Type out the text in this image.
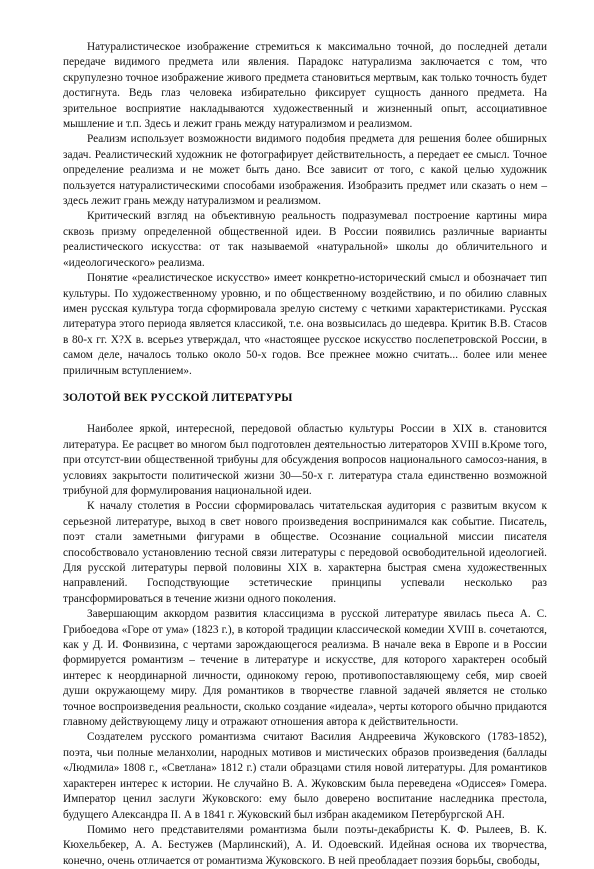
Натуралистическое изображение стремиться к максимально точной, до последней детали передаче видимого предмета или явления. Парадокс натурализма заключается с том, что скрупулезно точное изображение живого предмета становиться мертвым, как только точность будет достигнута. Ведь глаз человека избирательно фиксирует сущность данного предмета. На зрительное восприятие накладываются художественный и жизненный опыт, ассоциативное мышление и т.п. Здесь и лежит грань между натурализмом и реализмом.

Реализм использует возможности видимого подобия предмета для решения более обширных задач. Реалистический художник не фотографирует действительность, а передает ее смысл. Точное определение реализма и не может быть дано. Все зависит от того, с какой целью художник пользуется натуралистическими способами изображения. Изобразить предмет или сказать о нем – здесь лежит грань между натурализмом и реализмом.

Критический взгляд на объективную реальность подразумевал построение картины мира сквозь призму определенной общественной идеи. В России появились различные варианты реалистического искусства: от так называемой «натуральной» школы до обличительного и «идеологического» реализма.

Понятие «реалистическое искусство» имеет конкретно-исторический смысл и обозначает тип культуры. По художественному уровню, и по общественному воздействию, и по обилию славных имен русская культура тогда сформировала зрелую систему с четкими характеристиками. Русская литература этого периода является классикой, т.е. она возвысилась до шедевра. Критик В.В. Стасов в 80-х гг. Х?Х в. всерьез утверждал, что «настоящее русское искусство послепетровской России, в самом деле, началось только около 50-х годов. Все прежнее можно считать... более или менее приличным вступлением».

ЗОЛОТОЙ ВЕК РУССКОЙ ЛИТЕРАТУРЫ

Наиболее яркой, интересной, передовой областью культуры России в XIX в. становится литература. Ее расцвет во многом был подготовлен деятельностью литераторов XVIII в.Кроме того, при отсутст-вии общественной трибуны для обсуждения вопросов национального самосоз-нания, в условиях закрытости политической жизни 30—50-х г. литература стала единственно возможной трибуной для формулирования национальной идеи.

К началу столетия в России сформировалась читательская аудитория с развитым вкусом к серьезной литературе, выход в свет нового произведения воспринимался как событие. Писатель, поэт стали заметными фигурами в обществе. Осознание социальной миссии писателя способствовало установлению тесной связи литературы с передовой освободительной идеологией. Для русской литературы первой половины XIX в. характерна быстрая смена художественных направлений. Господствующие эстетические принципы успевали несколько раз трансформироваться в течение жизни одного поколения.

Завершающим аккордом развития классицизма в русской литературе явилась пьеса А. С. Грибоедова «Горе от ума» (1823 г.), в которой традиции классической комедии XVIII в. сочетаются, как у Д. И. Фонвизина, с чертами зарождающегося реализма. В начале века в Европе и в России формируется романтизм – течение в литературе и искусстве, для которого характерен особый интерес к неординарной личности, одинокому герою, противопоставляющему себя, мир своей души окружающему миру. Для романтиков в творчестве главной задачей является не столько точное воспроизведения реальности, сколько создание «идеала», черты которого обычно придаются главному действующему лицу и отражают отношения автора к действительности.

Создателем русского романтизма считают Василия Андреевича Жуковского (1783-1852), поэта, чьи полные меланхолии, народных мотивов и мистических образов произведения (баллады «Людмила» 1808 г., «Светлана» 1812 г.) стали образцами стиля новой литературы. Для романтиков характерен интерес к истории. Не случайно В. А. Жуковским была переведена «Одиссея» Гомера. Император ценил заслуги Жуковского: ему было доверено воспитание наследника престола, будущего Александра II. А в 1841 г. Жуковский был избран академиком Петербургской АН.

Помимо него представителями романтизма были поэты-декабристы К. Ф. Рылеев, В. К. Кюхельбекер, А. А. Бестужев (Марлинский), А. И. Одоевский. Идейная основа их творчества, конечно, очень отличается от романтизма Жуковского. В ней преобладает поэзия борьбы, свободы,
